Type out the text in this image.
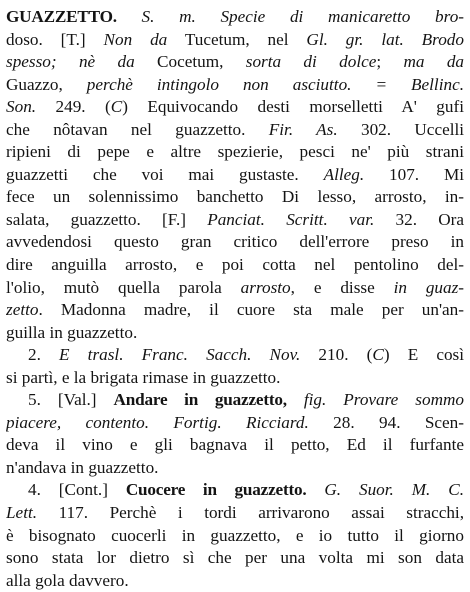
GUAZZETTO. S. m. Specie di manicaretto bro-
doso. [T.] Non da Tucetum, nel Gl. gr. lat. Brodo
spesso; nè da Cocetum, sorta di dolce; ma da
Guazzo, perchè intingolo non asciutto. = Bellinc.
Son. 249. (C) Equivocando desti morselletti A' gufi
che nôtavan nel guazzetto. Fir. As. 302. Uccelli
ripieni di pepe e altre spezierie, pesci ne' più strani
guazzetti che voi mai gustaste. Alleg. 107. Mi
fece un solennissimo banchetto Di lesso, arrosto, in-
salata, guazzetto. [F.] Panciat. Scritt. var. 32. Ora
avvedendosi questo gran critico dell'errore preso in
dire anguilla arrosto, e poi cotta nel pentolino del-
l'olio, mutò quella parola arrosto, e disse in guaz-
zetto. Madonna madre, il cuore sta male per un'an-
guilla in guazzetto.
2. E trasl. Franc. Sacch. Nov. 210. (C) E così
si partì, e la brigata rimase in guazzetto.
5. [Val.] Andare in guazzetto, fig. Provare sommo
piacere, contento. Fortig. Ricciard. 28. 94. Scen-
deva il vino e gli bagnava il petto, Ed il furfante
n'andava in guazzetto.
4. [Cont.] Cuocere in guazzetto. G. Suor. M. C.
Lett. 117. Perchè i tordi arrivarono assai stracchi,
è bisognato cuocerli in guazzetto, e io tutto il giorno
sono stata lor dietro sì che per una volta mi son data
alla gola davvero.
